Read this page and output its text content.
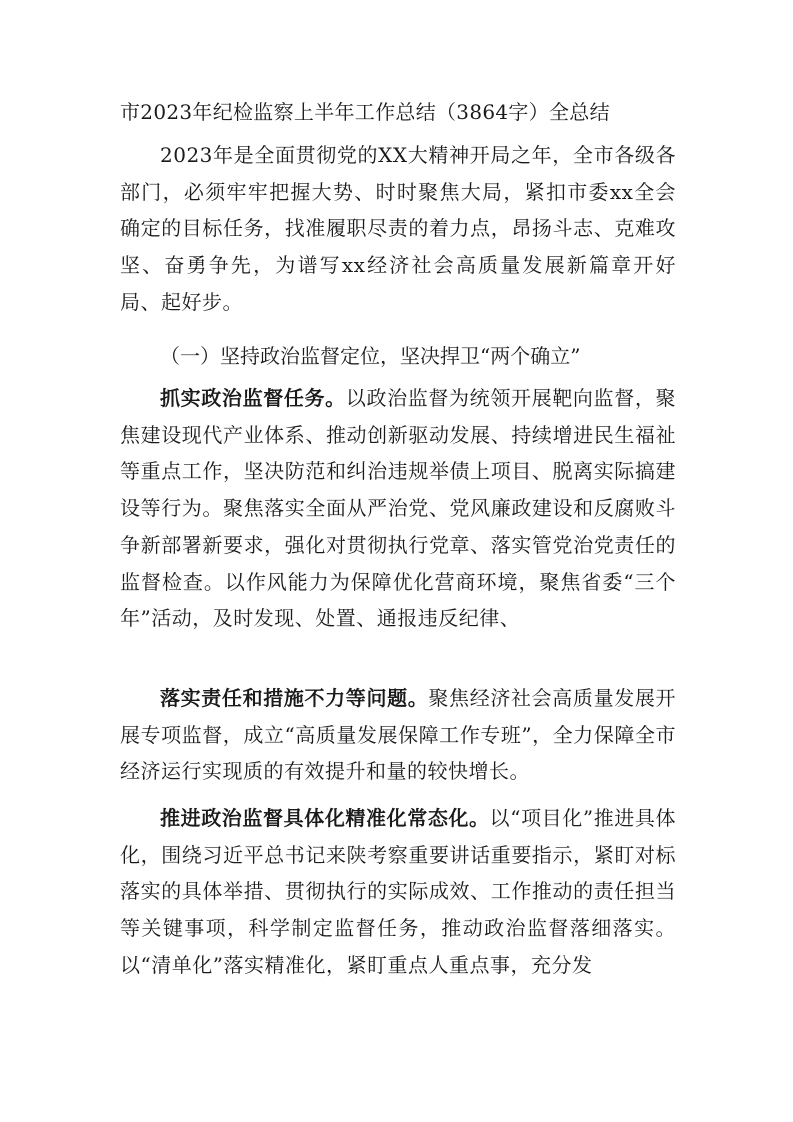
市2023年纪检监察上半年工作总结（3864字）全总结
2023年是全面贯彻党的XX大精神开局之年，全市各级各部门，必须牢牢把握大势、时时聚焦大局，紧扣市委xx全会确定的目标任务，找准履职尽责的着力点，昂扬斗志、克难攻坚、奋勇争先，为谱写xx经济社会高质量发展新篇章开好局、起好步。
（一）坚持政治监督定位，坚决捍卫“两个确立”
抓实政治监督任务。以政治监督为统领开展靶向监督，聚焦建设现代产业体系、推动创新驱动发展、持续增进民生福祉等重点工作，坚决防范和纠治违规举债上项目、脱离实际搞建设等行为。聚焦落实全面从严治党、党风廉政建设和反腐败斗争新部署新要求，强化对贯彻执行党章、落实管党治党责任的监督检查。以作风能力为保障优化营商环境，聚焦省委“三个年”活动，及时发现、处置、通报违反纪律、
落实责任和措施不力等问题。聚焦经济社会高质量发展开展专项监督，成立“高质量发展保障工作专班”，全力保障全市经济运行实现质的有效提升和量的较快增长。
推进政治监督具体化精准化常态化。以“项目化”推进具体化，围绕习近平总书记来陕考察重要讲话重要指示，紧盯对标落实的具体举措、贯彻执行的实际成效、工作推动的责任担当等关键事项，科学制定监督任务，推动政治监督落细落实。以“清单化”落实精准化，紧盯重点人重点事，充分发
